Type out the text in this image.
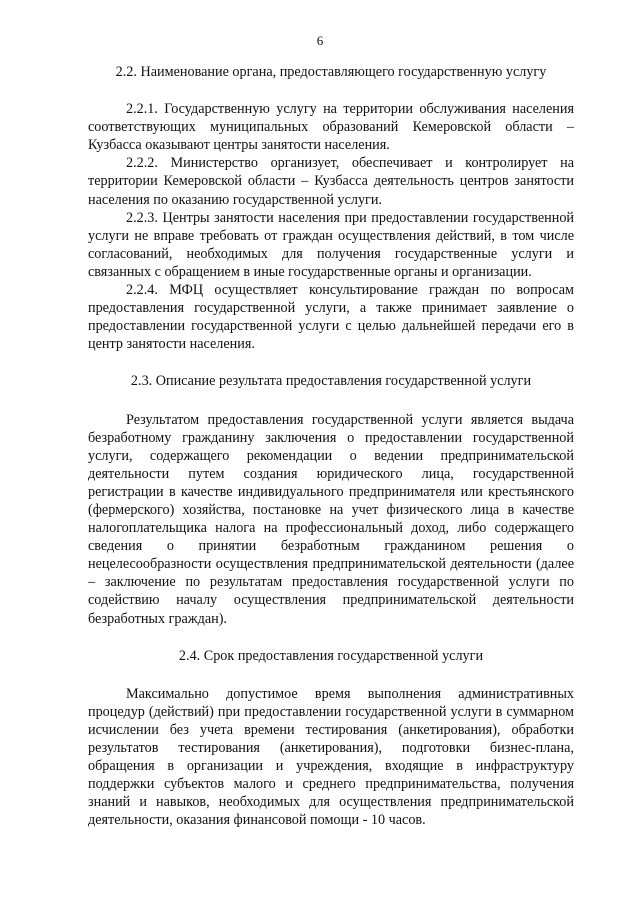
6

2.2. Наименование органа, предоставляющего государственную услугу

2.2.1. Государственную услугу на территории обслуживания населения соответствующих муниципальных образований Кемеровской области – Кузбасса оказывают центры занятости населения.

2.2.2. Министерство организует, обеспечивает и контролирует на территории Кемеровской области – Кузбасса деятельность центров занятости населения по оказанию государственной услуги.

2.2.3. Центры занятости населения при предоставлении государственной услуги не вправе требовать от граждан осуществления действий, в том числе согласований, необходимых для получения государственные услуги и связанных с обращением в иные государственные органы и организации.

2.2.4. МФЦ осуществляет консультирование граждан по вопросам предоставления государственной услуги, а также принимает заявление о предоставлении государственной услуги с целью дальнейшей передачи его в центр занятости населения.

2.3. Описание результата предоставления государственной услуги

Результатом предоставления государственной услуги является выдача безработному гражданину заключения о предоставлении государственной услуги, содержащего рекомендации о ведении предпринимательской деятельности путем создания юридического лица, государственной регистрации в качестве индивидуального предпринимателя или крестьянского (фермерского) хозяйства, постановке на учет физического лица в качестве налогоплательщика налога на профессиональный доход, либо содержащего сведения о принятии безработным гражданином решения о нецелесообразности осуществления предпринимательской деятельности (далее – заключение по результатам предоставления государственной услуги по содействию началу осуществления предпринимательской деятельности безработных граждан).

2.4. Срок предоставления государственной услуги

Максимально допустимое время выполнения административных процедур (действий) при предоставлении государственной услуги в суммарном исчислении без учета времени тестирования (анкетирования), обработки результатов тестирования (анкетирования), подготовки бизнес-плана, обращения в организации и учреждения, входящие в инфраструктуру поддержки субъектов малого и среднего предпринимательства, получения знаний и навыков, необходимых для осуществления предпринимательской деятельности, оказания финансовой помощи - 10 часов.
